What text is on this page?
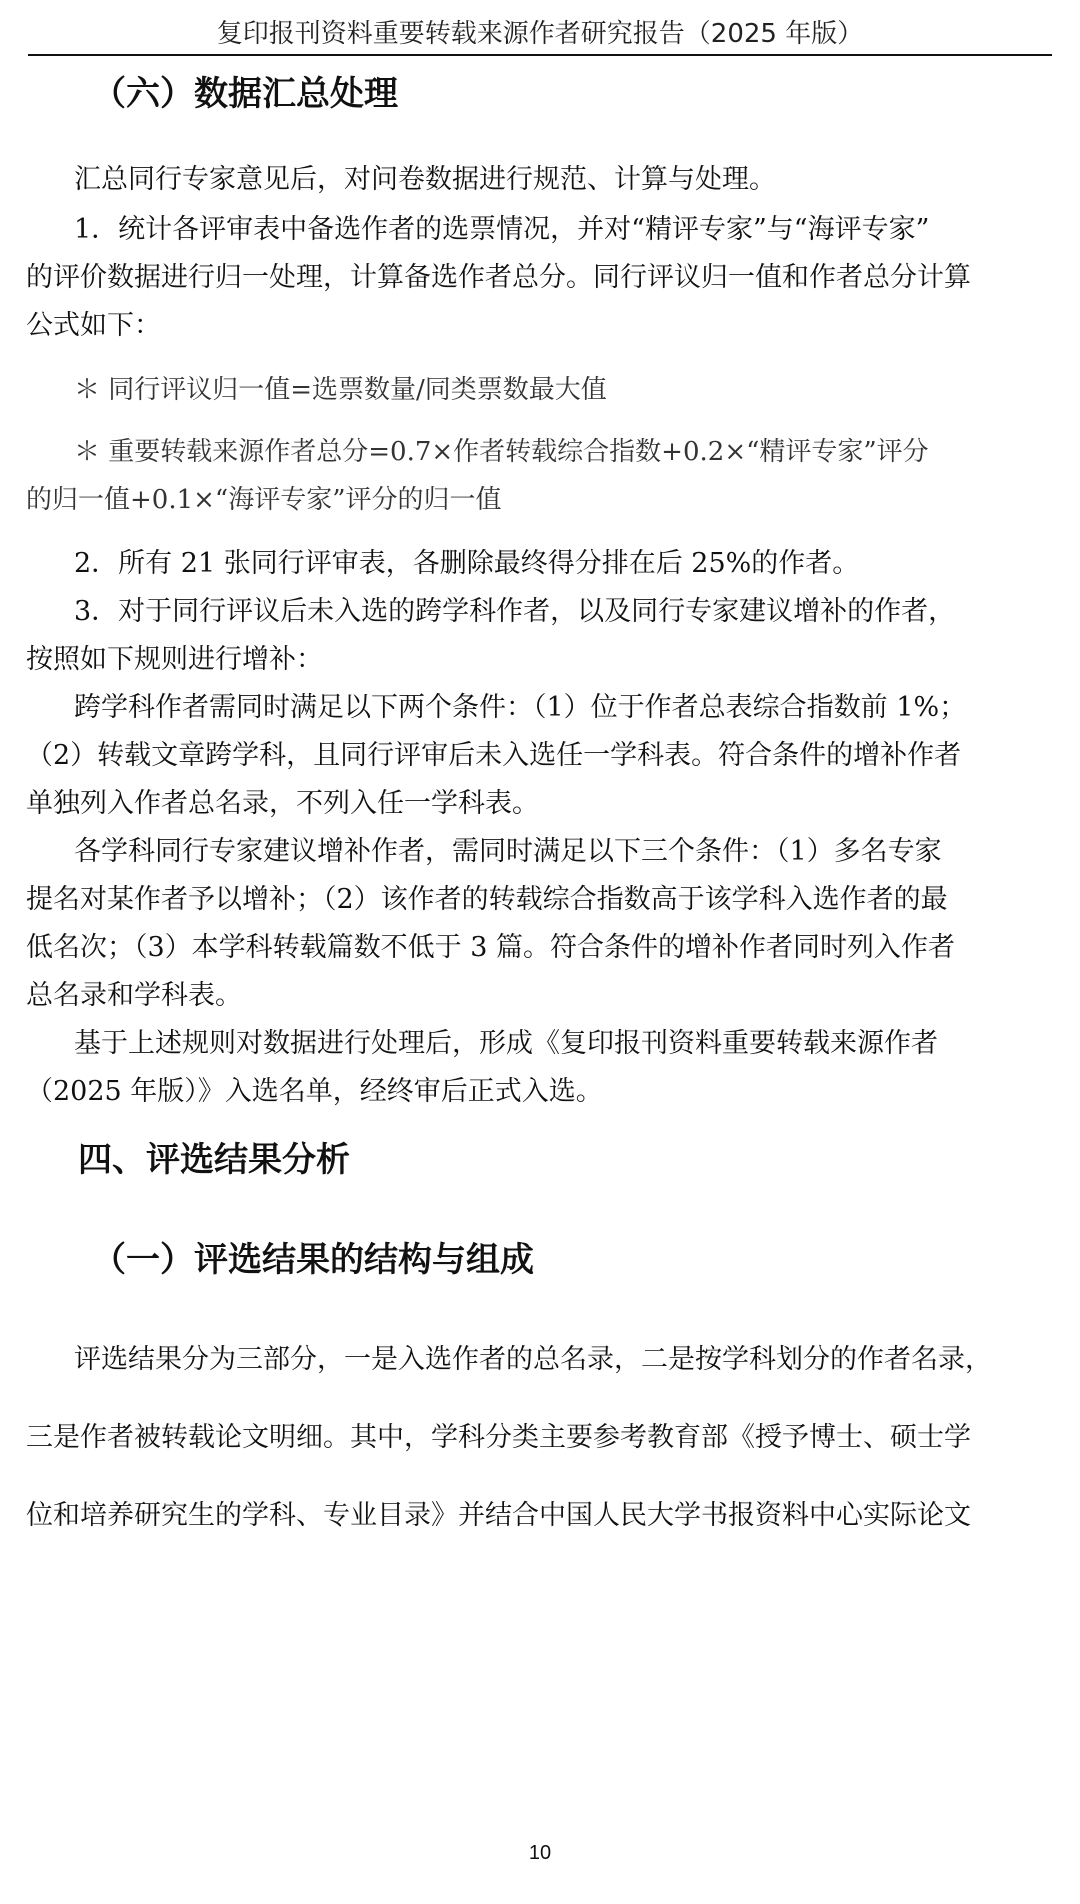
复印报刊资料重要转载来源作者研究报告（2025 年版）
（六）数据汇总处理
汇总同行专家意见后，对问卷数据进行规范、计算与处理。
1．统计各评审表中备选作者的选票情况，并对“精评专家”与“海评专家”
的评价数据进行归一处理，计算备选作者总分。同行评议归一值和作者总分计算
公式如下：
＊ 同行评议归一值=选票数量/同类票数最大值
＊ 重要转载来源作者总分=0.7×作者转载综合指数+0.2×“精评专家”评分
的归一值+0.1×“海评专家”评分的归一值
2．所有 21 张同行评审表，各删除最终得分排在后 25%的作者。
3．对于同行评议后未入选的跨学科作者，以及同行专家建议增补的作者，
按照如下规则进行增补：
跨学科作者需同时满足以下两个条件：（1）位于作者总表综合指数前 1%；
（2）转载文章跨学科，且同行评审后未入选任一学科表。符合条件的增补作者
单独列入作者总名录，不列入任一学科表。
各学科同行专家建议增补作者，需同时满足以下三个条件：（1）多名专家
提名对某作者予以增补；（2）该作者的转载综合指数高于该学科入选作者的最
低名次；（3）本学科转载篇数不低于 3 篇。符合条件的增补作者同时列入作者
总名录和学科表。
基于上述规则对数据进行处理后，形成《复印报刊资料重要转载来源作者
（2025 年版）》入选名单，经终审后正式入选。
四、评选结果分析
（一）评选结果的结构与组成
评选结果分为三部分，一是入选作者的总名录，二是按学科划分的作者名录，
三是作者被转载论文明细。其中，学科分类主要参考教育部《授予博士、硕士学
位和培养研究生的学科、专业目录》并结合中国人民大学书报资料中心实际论文
10
